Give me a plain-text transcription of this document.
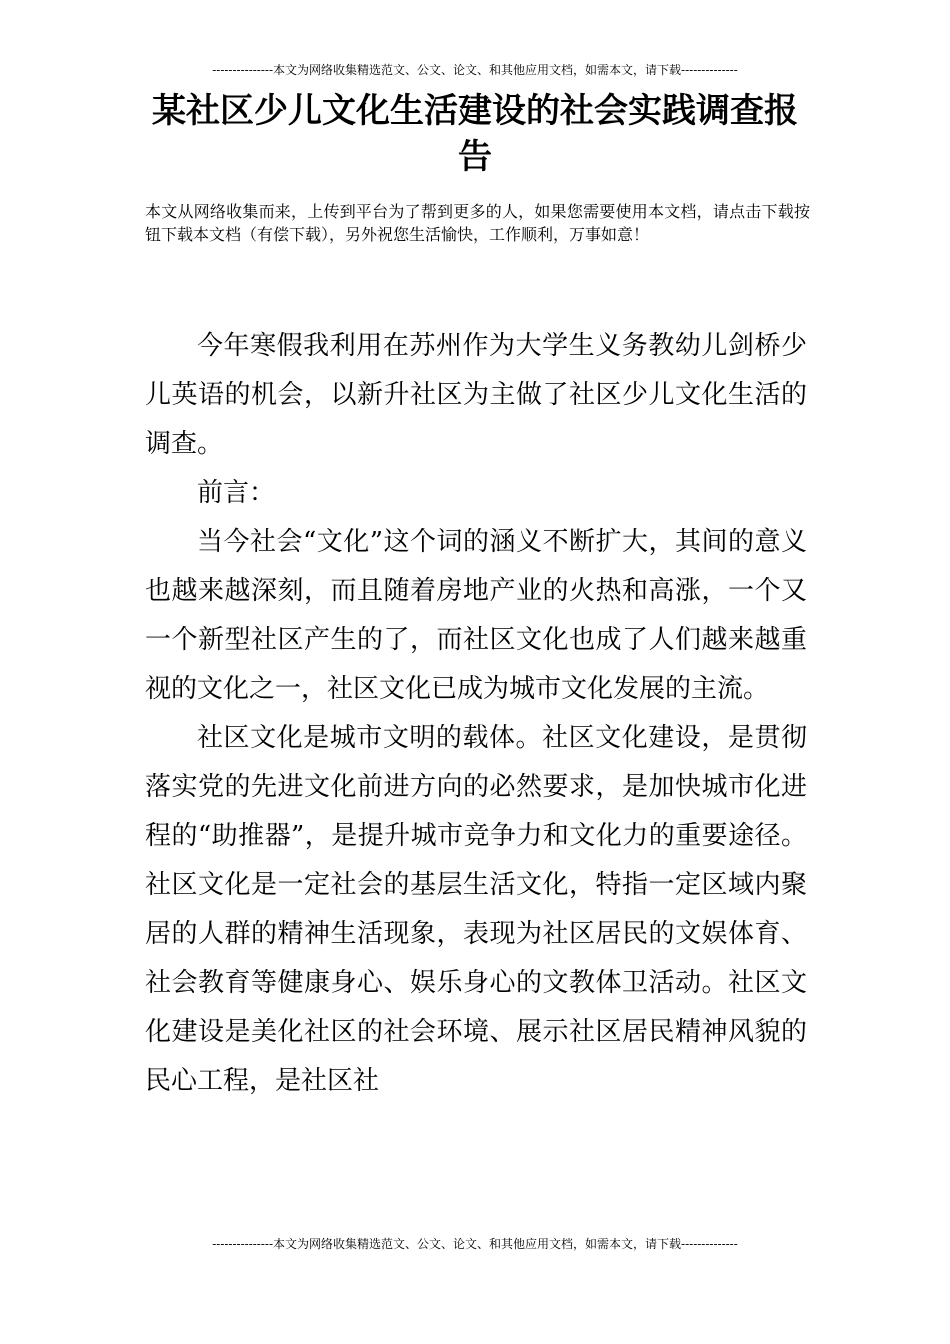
---------------本文为网络收集精选范文、公文、论文、和其他应用文档，如需本文，请下载--------------
某社区少儿文化生活建设的社会实践调查报告
本文从网络收集而来，上传到平台为了帮到更多的人，如果您需要使用本文档，请点击下载按钮下载本文档（有偿下载），另外祝您生活愉快，工作顺利，万事如意！

今年寒假我利用在苏州作为大学生义务教幼儿剑桥少儿英语的机会，以新升社区为主做了社区少儿文化生活的调查。

前言：

当今社会“文化”这个词的涵义不断扩大，其间的意义也越来越深刻，而且随着房地产业的火热和高涨，一个又一个新型社区产生的了，而社区文化也成了人们越来越重视的文化之一，社区文化已成为城市文化发展的主流。

社区文化是城市文明的载体。社区文化建设，是贯彻落实党的先进文化前进方向的必然要求，是加快城市化进程的“助推器”，是提升城市竞争力和文化力的重要途径。社区文化是一定社会的基层生活文化，特指一定区域内聚居的人群的精神生活现象，表现为社区居民的文娱体育、社会教育等健康身心、娱乐身心的文教体卫活动。社区文化建设是美化社区的社会环境、展示社区居民精神风貌的民心工程，是社区社

---------------本文为网络收集精选范文、公文、论文、和其他应用文档，如需本文，请下载--------------
